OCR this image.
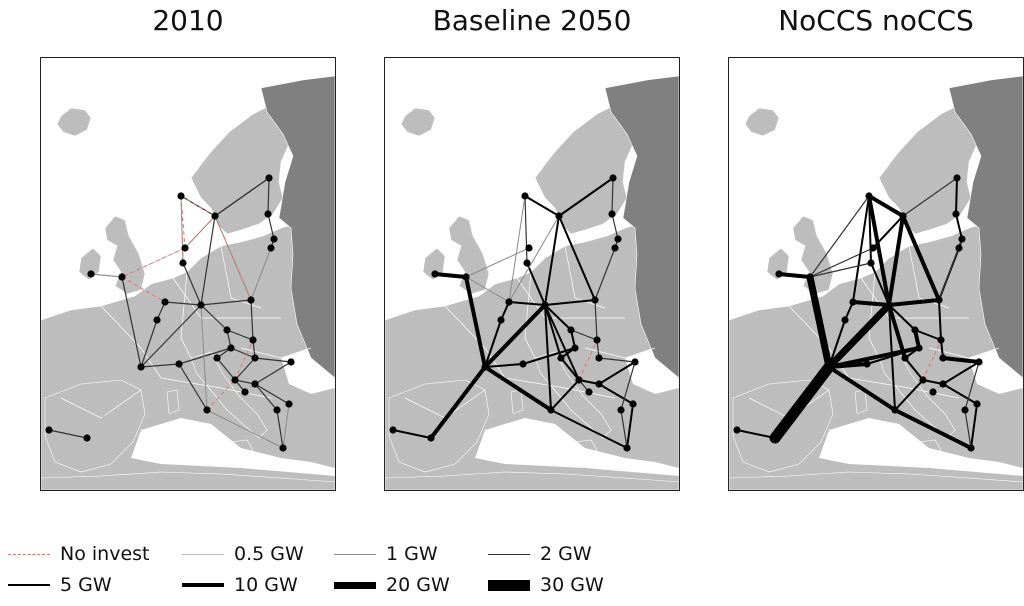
2010	Baseline 2050	NoCCS noCCS
No invest	0.5 GW	1 GW	2 GW
5 GW	10 GW	20 GW	30 GW
